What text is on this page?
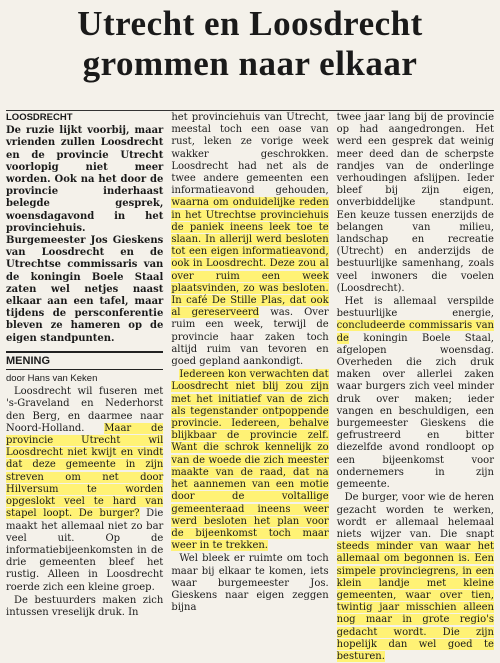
Utrecht en Loosdrecht
grommen naar elkaar

LOOSDRECHT

De ruzie lijkt voorbij, maar vrienden zullen Loosdrecht en de provincie Utrecht voorlopig niet meer worden. Ook na het door de provincie inderhaast belegde gesprek, woensdagavond in het provinciehuis. Burgemeester Jos Gieskens van Loosdrecht en de Utrechtse commissaris van de koningin Boele Staal zaten wel netjes naast elkaar aan een tafel, maar tijdens de persconferentie bleven ze hameren op de eigen standpunten.

MENING

door Hans van Keken

Loosdrecht wil fuseren met 's-Graveland en Nederhorst den Berg, en daarmee naar Noord-Holland. Maar de provincie Utrecht wil Loosdrecht niet kwijt en vindt dat deze gemeente in zijn streven om net door Hilversum te worden opgeslokt veel te hard van stapel loopt. De burger? Die maakt het allemaal niet zo bar veel uit. Op de informatiebijeenkomsten in de drie gemeenten bleef het rustig. Alleen in Loosdrecht roerde zich een kleine groep.

De bestuurders maken zich intussen vreselijk druk. In

het provinciehuis van Utrecht, meestal toch een oase van rust, leken ze vorige week wakker geschrokken. Loosdrecht had net als de twee andere gemeenten een informatieavond gehouden, waarna om onduidelijke reden in het Utrechtse provinciehuis de paniek ineens leek toe te slaan. In allerijl werd besloten tot een eigen informatieavond, ook in Loosdrecht. Deze zou al over ruim een week plaatsvinden, zo was besloten. In café De Stille Plas, dat ook al gereserveerd was. Over ruim een week, terwijl de provincie haar zaken toch altijd ruim van tevoren en goed gepland aankondigt.

Iedereen kon verwachten dat Loosdrecht niet blij zou zijn met het initiatief van de zich als tegenstander ontpoppende provincie. Iedereen, behalve blijkbaar de provincie zelf. Want die schrok kennelijk zo van de woede die zich meester maakte van de raad, dat na het aannemen van een motie door de voltallige gemeenteraad ineens weer werd besloten het plan voor de bijeenkomst toch maar weer in te trekken.

Wel bleek er ruimte om toch maar bij elkaar te komen, iets waar burgemeester Jos. Gieskens naar eigen zeggen bijna

twee jaar lang bij de provincie op had aangedrongen. Het werd een gesprek dat weinig meer deed dan de scherpste randjes van de onderlinge verhoudingen afslijpen. Ieder bleef bij zijn eigen, onverbiddelijke standpunt. Een keuze tussen enerzijds de belangen van milieu, landschap en recreatie (Utrecht) en anderzijds de bestuurlijke samenhang, zoals veel inwoners die voelen (Loosdrecht).

Het is allemaal verspilde bestuurlijke energie, concludeerde commissaris van de koningin Boele Staal, afgelopen woensdag. Overheden die zich druk maken over allerlei zaken waar burgers zich veel minder druk over maken; ieder vangen en beschuldigen, een burgemeester Gieskens die gefrustreerd en bitter diezelfde avond rondloopt op een bijeenkomst voor ondernemers in zijn gemeente.

De burger, voor wie de heren gezacht worden te werken, wordt er allemaal helemaal niets wijzer van. Die snapt steeds minder van waar het allemaal om begonnen is. Een simpele provinciegrens, in een klein landje met kleine gemeenten, waar over tien, twintig jaar misschien alleen nog maar in grote regio's gedacht wordt. Die zijn hopelijk dan wel goed te besturen.
